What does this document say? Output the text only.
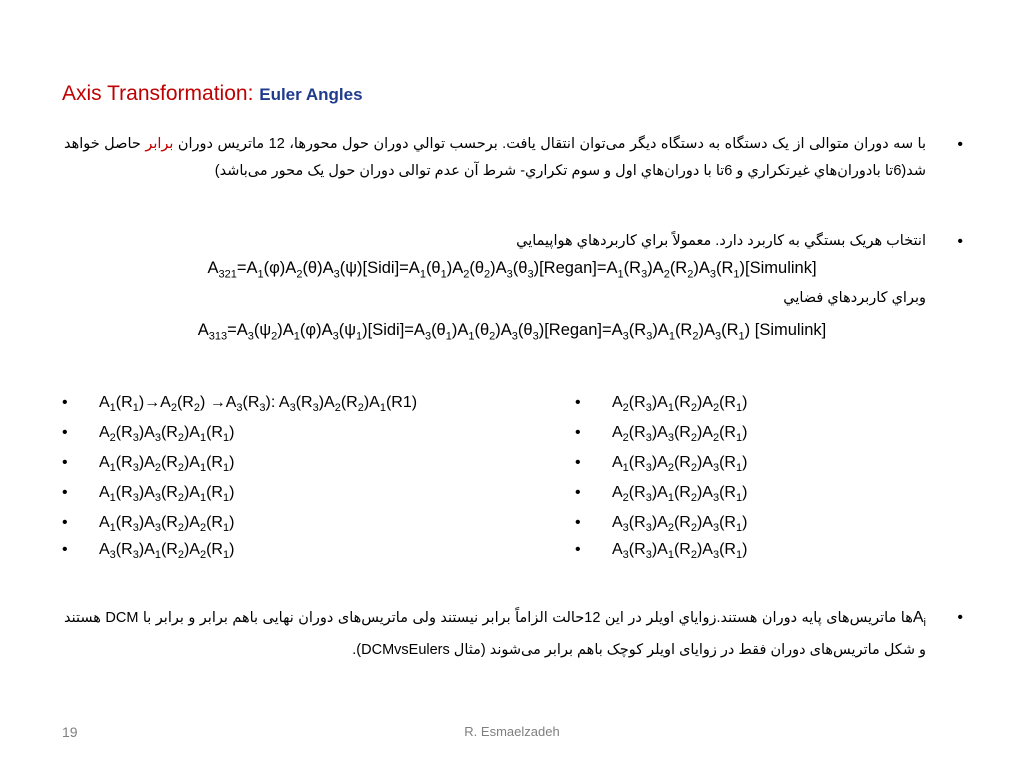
Axis Transformation: Euler Angles
•
با سه دوران متوالی از یک دستگاه به دستگاه دیگر می‌توان انتقال یافت. برحسب توالي دوران حول محورها، 12 ماتریس دوران برابر حاصل خواهد شد(6تا بادوران‌هاي غيرتكراري و 6تا با دوران‌هاي اول و سوم تكراري- شرط آن عدم توالی دوران حول یک محور می‌باشد)
•
انتخاب هريک بستگي به كاربرد دارد. معمولاً براي كاربردهاي هواپيمايي
$A_{321}=A_1(\varphi)A_2(\theta)A_3(\psi)[Sidi]=A_1(\theta_1)A_2(\theta_2)A_3(\theta_3)[Regan]=A_1(R_3)A_2(R_2)A_3(R_1)[Simulink]$
وبراي كاربردهاي فضايي
$A_{313}=A_3(\psi_2)A_1(\varphi)A_3(\psi_1)[Sidi]=A_3(\theta_1)A_1(\theta_2)A_3(\theta_3)[Regan]=A_3(R_3)A_1(R_2)A_3(R_1)$ [Simulink]
• $A_1(R_1)\to A_2(R_2) \to A_3(R_3)$: $A_3(R_3)A_2(R_2)A_1(R1)$
• $A_2(R_3)A_3(R_2)A_1(R_1)$
• $A_1(R_3)A_2(R_2)A_1(R_1)$
• $A_1(R_3)A_3(R_2)A_1(R_1)$
• $A_1(R_3)A_3(R_2)A_2(R_1)$
• $A_3(R_3)A_1(R_2)A_2(R_1)$
• $A_2(R_3)A_1(R_2)A_2(R_1)$
• $A_2(R_3)A_3(R_2)A_2(R_1)$
• $A_1(R_3)A_2(R_2)A_3(R_1)$
• $A_2(R_3)A_1(R_2)A_3(R_1)$
• $A_3(R_3)A_2(R_2)A_3(R_1)$
• $A_3(R_3)A_1(R_2)A_3(R_1)$
•
$A_iها$ ماتریس‌های پایه دوران هستند.زواياي اويلر در اين 12حالت الزاماً برابر نيستند ولی ماتریس‌های دوران نهایی باهم برابر و برابر با DCM هستند و شکل ماتریس‌های دوران فقط در زوایای اویلر کوچک باهم برابر می‌شوند (مثال DCMvsEulers).
19	R. Esmaelzadeh
